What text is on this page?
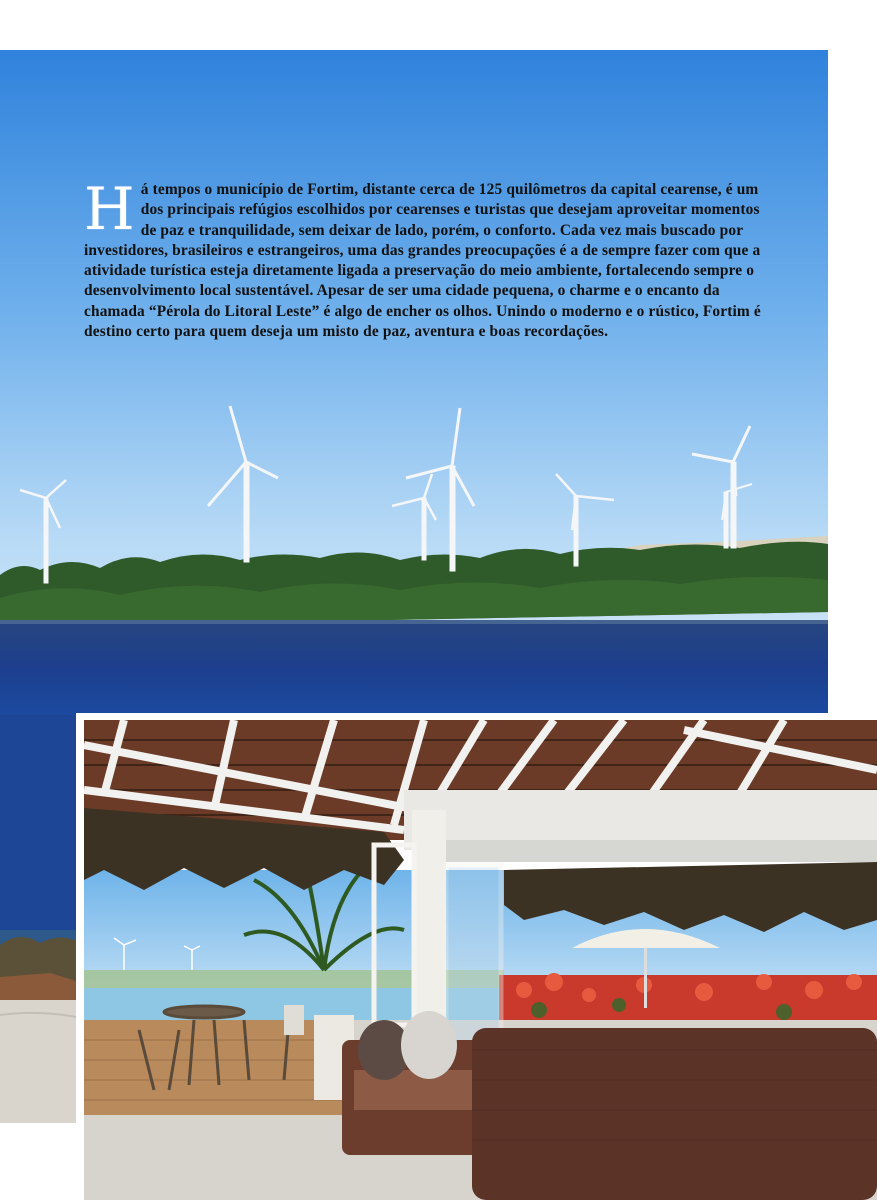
H á tempos o município de Fortim, distante cerca de 125 quilômetros da capital cearense, é um dos principais refúgios escolhidos por cearenses e turistas que desejam aproveitar momentos de paz e tranquilidade, sem deixar de lado, porém, o conforto. Cada vez mais buscado por investidores, brasileiros e estrangeiros, uma das grandes preocupações é a de sempre fazer com que a atividade turística esteja diretamente ligada a preservação do meio ambiente, fortalecendo sempre o desenvolvimento local sustentável. Apesar de ser uma cidade pequena, o charme e o encanto da chamada “Pérola do Litoral Leste” é algo de encher os olhos. Unindo o moderno e o rústico, Fortim é destino certo para quem deseja um misto de paz, aventura e boas recordações.
